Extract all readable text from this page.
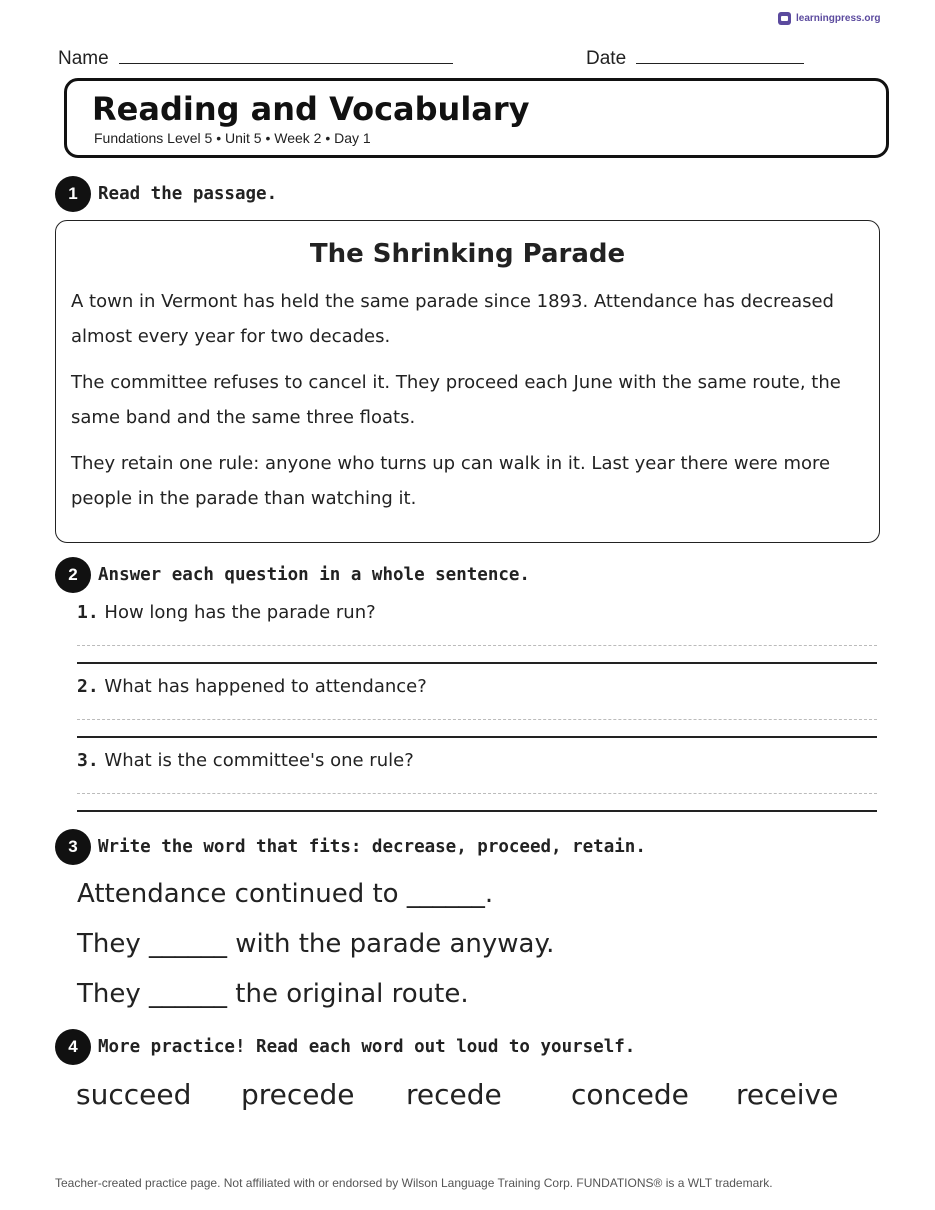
learningpress.org
Name	Date
Reading and Vocabulary
Fundations Level 5 • Unit 5 • Week 2 • Day 1
1	Read the passage.
The Shrinking Parade

A town in Vermont has held the same parade since 1893. Attendance has decreased almost every year for two decades.

The committee refuses to cancel it. They proceed each June with the same route, the same band and the same three floats.

They retain one rule: anyone who turns up can walk in it. Last year there were more people in the parade than watching it.

2	Answer each question in a whole sentence.
1. How long has the parade run?
2. What has happened to attendance?
3. What is the committee's one rule?
3	Write the word that fits: decrease, proceed, retain.
Attendance continued to ______.
They ______ with the parade anyway.
They ______ the original route.
4	More practice! Read each word out loud to yourself.
succeed precede recede concede receive
Teacher-created practice page. Not affiliated with or endorsed by Wilson Language Training Corp. FUNDATIONS® is a WLT trademark.
